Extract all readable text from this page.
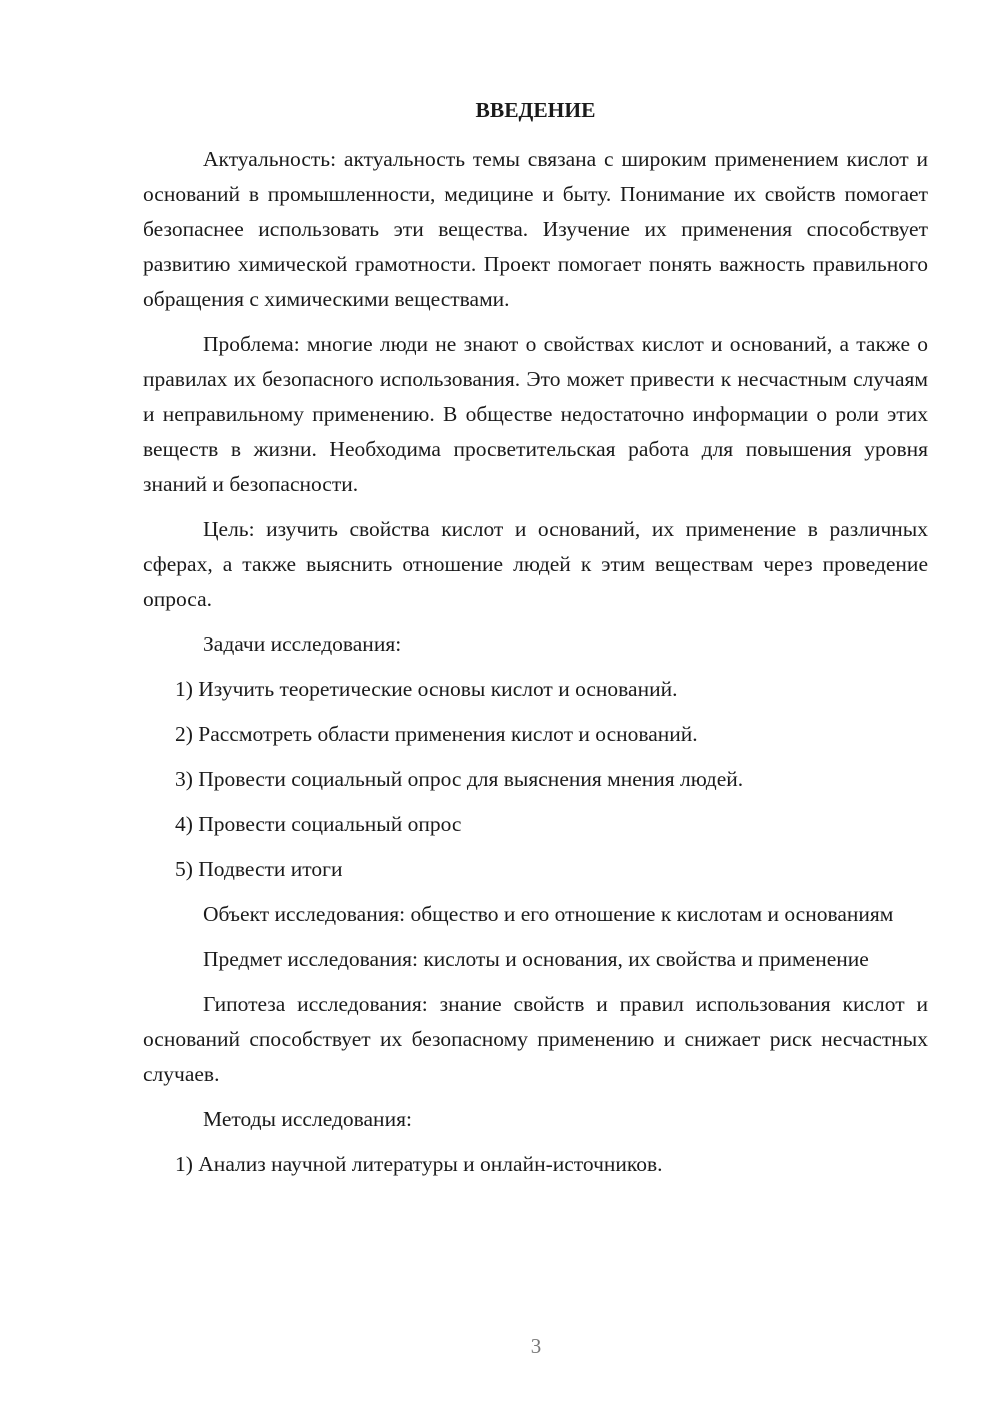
ВВЕДЕНИЕ

Актуальность: актуальность темы связана с широким применением кислот и оснований в промышленности, медицине и быту. Понимание их свойств помогает безопаснее использовать эти вещества. Изучение их применения способствует развитию химической грамотности. Проект помогает понять важность правильного обращения с химическими веществами.

Проблема: многие люди не знают о свойствах кислот и оснований, а также о правилах их безопасного использования. Это может привести к несчастным случаям и неправильному применению. В обществе недостаточно информации о роли этих веществ в жизни. Необходима просветительская работа для повышения уровня знаний и безопасности.

Цель: изучить свойства кислот и оснований, их применение в различных сферах, а также выяснить отношение людей к этим веществам через проведение опроса.

Задачи исследования:

1) Изучить теоретические основы кислот и оснований.
2) Рассмотреть области применения кислот и оснований.
3) Провести социальный опрос для выяснения мнения людей.
4) Провести социальный опрос
5) Подвести итоги

Объект исследования: общество и его отношение к кислотам и основаниям

Предмет исследования: кислоты и основания, их свойства и применение

Гипотеза исследования: знание свойств и правил использования кислот и оснований способствует их безопасному применению и снижает риск несчастных случаев.

Методы исследования:

1) Анализ научной литературы и онлайн-источников.
3
